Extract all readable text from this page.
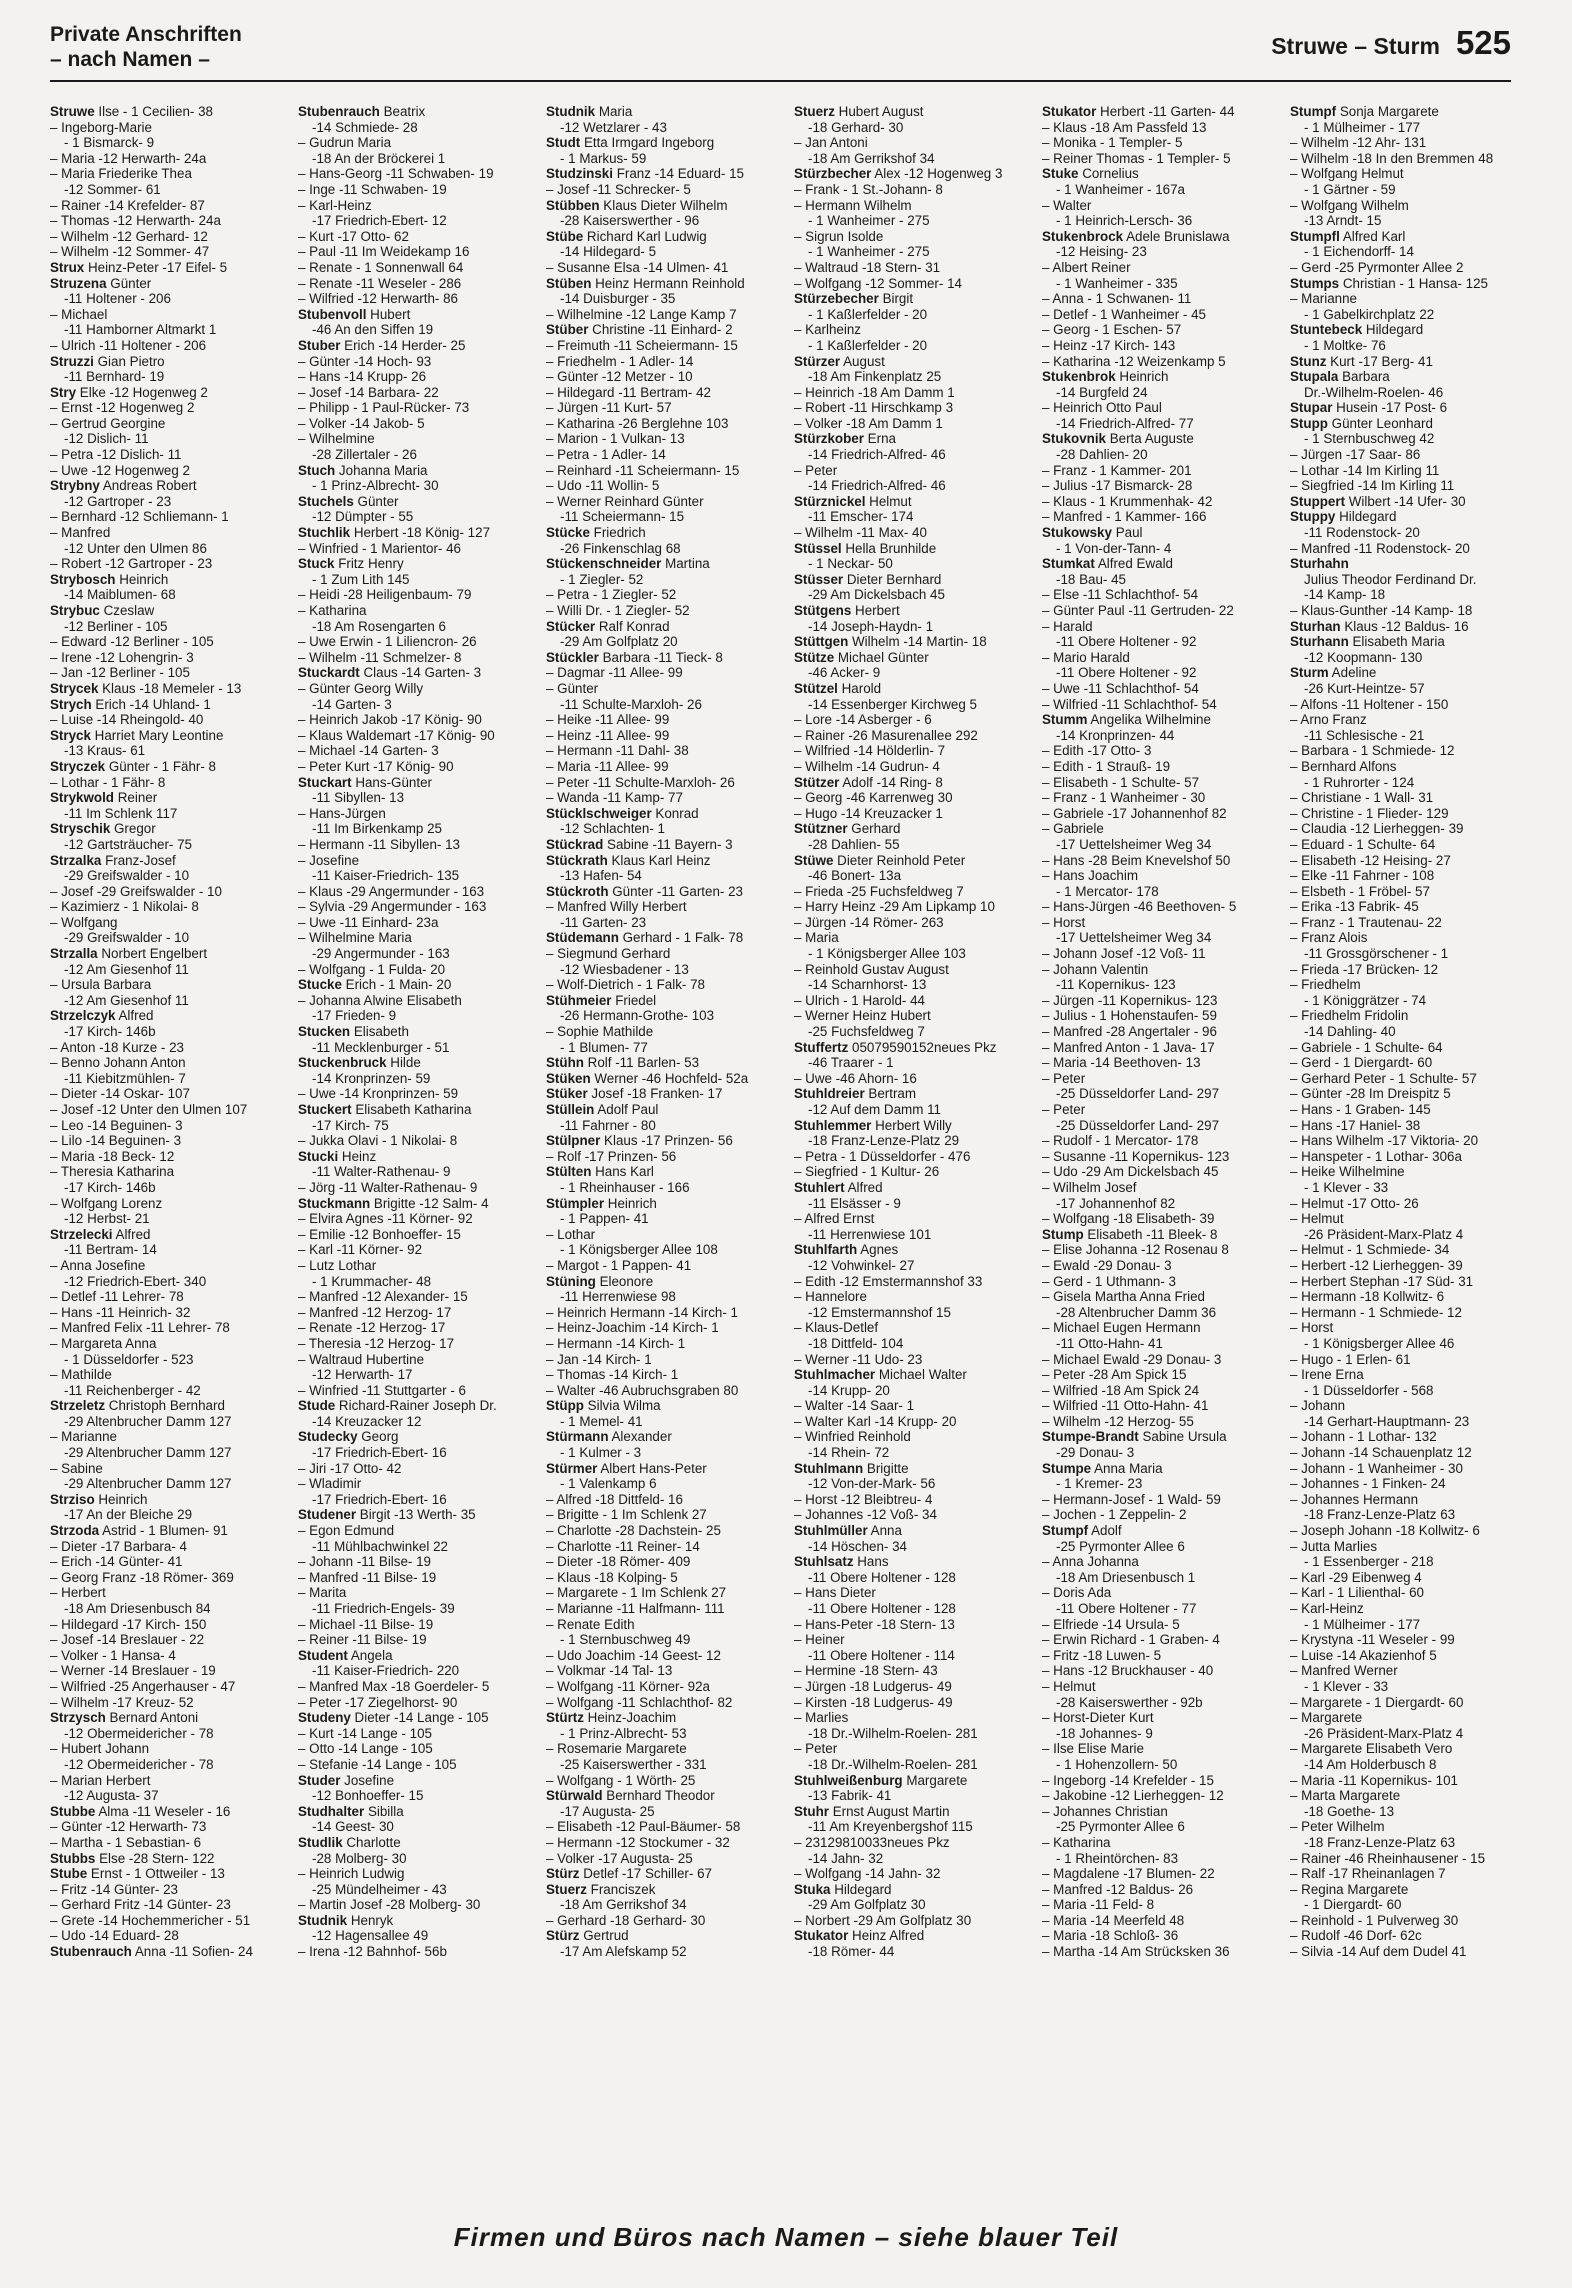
Private Anschriften
– nach Namen –
Struwe – Sturm 525
Struwe Ilse - 1 Cecilien- 38
– Ingeborg-Marie
- 1 Bismarck- 9
– Maria -12 Herwarth- 24a
– Maria Friederike Thea
-12 Sommer- 61
– Rainer -14 Krefelder- 87
– Thomas -12 Herwarth- 24a
– Wilhelm -12 Gerhard- 12
– Wilhelm -12 Sommer- 47
Strux Heinz-Peter -17 Eifel- 5
Struzena Günter
-11 Holtener - 206
– Michael
-11 Hamborner Altmarkt 1
– Ulrich -11 Holtener - 206
Struzzi Gian Pietro
-11 Bernhard- 19
Stry Elke -12 Hogenweg 2
– Ernst -12 Hogenweg 2
– Gertrud Georgine
-12 Dislich- 11
– Petra -12 Dislich- 11
– Uwe -12 Hogenweg 2
Strybny Andreas Robert
-12 Gartroper - 23
– Bernhard -12 Schliemann- 1
– Manfred
-12 Unter den Ulmen 86
– Robert -12 Gartroper - 23
Strybosch Heinrich
-14 Maiblumen- 68
Strybuc Czeslaw
-12 Berliner - 105
– Edward -12 Berliner - 105
– Irene -12 Lohengrin- 3
– Jan -12 Berliner - 105
Strycek Klaus -18 Memeler - 13
Strych Erich -14 Uhland- 1
– Luise -14 Rheingold- 40
Stryck Harriet Mary Leontine
-13 Kraus- 61
Stryczek Günter - 1 Fähr- 8
– Lothar - 1 Fähr- 8
Strykwold Reiner
-11 Im Schlenk 117
Stryschik Gregor
-12 Gartsträucher- 75
Strzalka Franz-Josef
-29 Greifswalder - 10
– Josef -29 Greifswalder - 10
– Kazimierz - 1 Nikolai- 8
– Wolfgang
-29 Greifswalder - 10
Strzalla Norbert Engelbert
-12 Am Giesenhof 11
– Ursula Barbara
-12 Am Giesenhof 11
Strzelczyk Alfred
-17 Kirch- 146b
– Anton -18 Kurze - 23
– Benno Johann Anton
-11 Kiebitzmühlen- 7
– Dieter -14 Oskar- 107
– Josef -12 Unter den Ulmen 107
– Leo -14 Beguinen- 3
– Lilo -14 Beguinen- 3
– Maria -18 Beck- 12
– Theresia Katharina
-17 Kirch- 146b
– Wolfgang Lorenz
-12 Herbst- 21
Strzelecki Alfred
-11 Bertram- 14
– Anna Josefine
-12 Friedrich-Ebert- 340
– Detlef -11 Lehrer- 78
– Hans -11 Heinrich- 32
– Manfred Felix -11 Lehrer- 78
– Margareta Anna
- 1 Düsseldorfer - 523
– Mathilde
-11 Reichenberger - 42
Strzeletz Christoph Bernhard
-29 Altenbrucher Damm 127
– Marianne
-29 Altenbrucher Damm 127
– Sabine
-29 Altenbrucher Damm 127
Strziso Heinrich
-17 An der Bleiche 29
Strzoda Astrid - 1 Blumen- 91
– Dieter -17 Barbara- 4
– Erich -14 Günter- 41
– Georg Franz -18 Römer- 369
– Herbert
-18 Am Driesenbusch 84
– Hildegard -17 Kirch- 150
– Josef -14 Breslauer - 22
– Volker - 1 Hansa- 4
– Werner -14 Breslauer - 19
– Wilfried -25 Angerhauser - 47
– Wilhelm -17 Kreuz- 52
Strzysch Bernard Antoni
-12 Obermeidericher - 78
– Hubert Johann
-12 Obermeidericher - 78
– Marian Herbert
-12 Augusta- 37
Stubbe Alma -11 Weseler - 16
– Günter -12 Herwarth- 73
– Martha - 1 Sebastian- 6
Stubbs Else -28 Stern- 122
Stube Ernst - 1 Ottweiler - 13
– Fritz -14 Günter- 23
– Gerhard Fritz -14 Günter- 23
– Grete -14 Hochemmericher - 51
– Udo -14 Eduard- 28
Stubenrauch Anna -11 Sofien- 24
Stubenrauch Beatrix
-14 Schmiede- 28
– Gudrun Maria
-18 An der Bröckerei 1
– Hans-Georg -11 Schwaben- 19
– Inge -11 Schwaben- 19
– Karl-Heinz
-17 Friedrich-Ebert- 12
– Kurt -17 Otto- 62
– Paul -11 Im Weidekamp 16
– Renate - 1 Sonnenwall 64
– Renate -11 Weseler - 286
– Wilfried -12 Herwarth- 86
Stubenvoll Hubert
-46 An den Siffen 19
Stuber Erich -14 Herder- 25
– Günter -14 Hoch- 93
– Hans -14 Krupp- 26
– Josef -14 Barbara- 22
– Philipp - 1 Paul-Rücker- 73
– Volker -14 Jakob- 5
– Wilhelmine
-28 Zillertaler - 26
Stuch Johanna Maria
- 1 Prinz-Albrecht- 30
Stuchels Günter
-12 Dümpter - 55
Stuchlik Herbert -18 König- 127
– Winfried - 1 Marientor- 46
Stuck Fritz Henry
- 1 Zum Lith 145
– Heidi -28 Heiligenbaum- 79
– Katharina
-18 Am Rosengarten 6
– Uwe Erwin - 1 Liliencron- 26
– Wilhelm -11 Schmelzer- 8
Stuckardt Claus -14 Garten- 3
– Günter Georg Willy
-14 Garten- 3
– Heinrich Jakob -17 König- 90
– Klaus Waldemart -17 König- 90
– Michael -14 Garten- 3
– Peter Kurt -17 König- 90
Stuckart Hans-Günter
-11 Sibyllen- 13
– Hans-Jürgen
-11 Im Birkenkamp 25
– Hermann -11 Sibyllen- 13
– Josefine
-11 Kaiser-Friedrich- 135
– Klaus -29 Angermunder - 163
– Sylvia -29 Angermunder - 163
– Uwe -11 Einhard- 23a
– Wilhelmine Maria
-29 Angermunder - 163
– Wolfgang - 1 Fulda- 20
Stucke Erich - 1 Main- 20
– Johanna Alwine Elisabeth
-17 Frieden- 9
Stucken Elisabeth
-11 Mecklenburger - 51
Stuckenbruck Hilde
-14 Kronprinzen- 59
– Uwe -14 Kronprinzen- 59
Stuckert Elisabeth Katharina
-17 Kirch- 75
– Jukka Olavi - 1 Nikolai- 8
Stucki Heinz
-11 Walter-Rathenau- 9
– Jörg -11 Walter-Rathenau- 9
Stuckmann Brigitte -12 Salm- 4
– Elvira Agnes -11 Körner- 92
– Emilie -12 Bonhoeffer- 15
– Karl -11 Körner- 92
– Lutz Lothar
- 1 Krummacher- 48
– Manfred -12 Alexander- 15
– Manfred -12 Herzog- 17
– Renate -12 Herzog- 17
– Theresia -12 Herzog- 17
– Waltraud Hubertine
-12 Herwarth- 17
– Winfried -11 Stuttgarter - 6
Stude Richard-Rainer Joseph Dr.
-14 Kreuzacker 12
Studecky Georg
-17 Friedrich-Ebert- 16
– Jiri -17 Otto- 42
– Wladimir
-17 Friedrich-Ebert- 16
Studener Birgit -13 Werth- 35
– Egon Edmund
-11 Mühlbachwinkel 22
– Johann -11 Bilse- 19
– Manfred -11 Bilse- 19
– Marita
-11 Friedrich-Engels- 39
– Michael -11 Bilse- 19
– Reiner -11 Bilse- 19
Student Angela
-11 Kaiser-Friedrich- 220
– Manfred Max -18 Goerdeler- 5
– Peter -17 Ziegelhorst- 90
Studeny Dieter -14 Lange - 105
– Kurt -14 Lange - 105
– Otto -14 Lange - 105
– Stefanie -14 Lange - 105
Studer Josefine
-12 Bonhoeffer- 15
Studhalter Sibilla
-14 Geest- 30
Studlik Charlotte
-28 Molberg- 30
– Heinrich Ludwig
-25 Mündelheimer - 43
– Martin Josef -28 Molberg- 30
Studnik Henryk
-12 Hagensallee 49
– Irena -12 Bahnhof- 56b
Studnik Maria
-12 Wetzlarer - 43
Studt Etta Irmgard Ingeborg
- 1 Markus- 59
Studzinski Franz -14 Eduard- 15
– Josef -11 Schrecker- 5
Stübben Klaus Dieter Wilhelm
-28 Kaiserswerther - 96
Stübe Richard Karl Ludwig
-14 Hildegard- 5
– Susanne Elsa -14 Ulmen- 41
Stüben Heinz Hermann Reinhold
-14 Duisburger - 35
– Wilhelmine -12 Lange Kamp 7
Stüber Christine -11 Einhard- 2
– Freimuth -11 Scheiermann- 15
– Friedhelm - 1 Adler- 14
– Günter -12 Metzer - 10
– Hildegard -11 Bertram- 42
– Jürgen -11 Kurt- 57
– Katharina -26 Berglehne 103
– Marion - 1 Vulkan- 13
– Petra - 1 Adler- 14
– Reinhard -11 Scheiermann- 15
– Udo -11 Wollin- 5
– Werner Reinhard Günter
-11 Scheiermann- 15
Stücke Friedrich
-26 Finkenschlag 68
Stückenschneider Martina
- 1 Ziegler- 52
– Petra - 1 Ziegler- 52
– Willi Dr. - 1 Ziegler- 52
Stücker Ralf Konrad
-29 Am Golfplatz 20
Stückler Barbara -11 Tieck- 8
– Dagmar -11 Allee- 99
– Günter
-11 Schulte-Marxloh- 26
– Heike -11 Allee- 99
– Heinz -11 Allee- 99
– Hermann -11 Dahl- 38
– Maria -11 Allee- 99
– Peter -11 Schulte-Marxloh- 26
– Wanda -11 Kamp- 77
Stücklschweiger Konrad
-12 Schlachten- 1
Stückrad Sabine -11 Bayern- 3
Stückrath Klaus Karl Heinz
-13 Hafen- 54
Stückroth Günter -11 Garten- 23
– Manfred Willy Herbert
-11 Garten- 23
Stüdemann Gerhard - 1 Falk- 78
– Siegmund Gerhard
-12 Wiesbadener - 13
– Wolf-Dietrich - 1 Falk- 78
Stühmeier Friedel
-26 Hermann-Grothe- 103
– Sophie Mathilde
- 1 Blumen- 77
Stühn Rolf -11 Barlen- 53
Stüken Werner -46 Hochfeld- 52a
Stüker Josef -18 Franken- 17
Stüllein Adolf Paul
-11 Fahrner - 80
Stülpner Klaus -17 Prinzen- 56
– Rolf -17 Prinzen- 56
Stülten Hans Karl
- 1 Rheinhauser - 166
Stümpler Heinrich
- 1 Pappen- 41
– Lothar
- 1 Königsberger Allee 108
– Margot - 1 Pappen- 41
Stüning Eleonore
-11 Herrenwiese 98
– Heinrich Hermann -14 Kirch- 1
– Heinz-Joachim -14 Kirch- 1
– Hermann -14 Kirch- 1
– Jan -14 Kirch- 1
– Thomas -14 Kirch- 1
– Walter -46 Aubruchsgraben 80
Stüpp Silvia Wilma
- 1 Memel- 41
Stürmann Alexander
- 1 Kulmer - 3
Stürmer Albert Hans-Peter
- 1 Valenkamp 6
– Alfred -18 Dittfeld- 16
– Brigitte - 1 Im Schlenk 27
– Charlotte -28 Dachstein- 25
– Charlotte -11 Reiner- 14
– Dieter -18 Römer- 409
– Klaus -18 Kolping- 5
– Margarete - 1 Im Schlenk 27
– Marianne -11 Halfmann- 111
– Renate Edith
- 1 Sternbuschweg 49
– Udo Joachim -14 Geest- 12
– Volkmar -14 Tal- 13
– Wolfgang -11 Körner- 92a
– Wolfgang -11 Schlachthof- 82
Stürtz Heinz-Joachim
- 1 Prinz-Albrecht- 53
– Rosemarie Margarete
-25 Kaiserswerther - 331
– Wolfgang - 1 Wörth- 25
Stürwald Bernhard Theodor
-17 Augusta- 25
– Elisabeth -12 Paul-Bäumer- 58
– Hermann -12 Stockumer - 32
– Volker -17 Augusta- 25
Stürz Detlef -17 Schiller- 67
Stuerz Franciszek
-18 Am Gerrikshof 34
– Gerhard -18 Gerhard- 30
Stürz Gertrud
-17 Am Alefskamp 52
Stuerz Hubert August
-18 Gerhard- 30
– Jan Antoni
-18 Am Gerrikshof 34
Stürzbecher Alex -12 Hogenweg 3
– Frank - 1 St.-Johann- 8
– Hermann Wilhelm
- 1 Wanheimer - 275
– Sigrun Isolde
- 1 Wanheimer - 275
– Waltraud -18 Stern- 31
– Wolfgang -12 Sommer- 14
Stürzebecher Birgit
- 1 Kaßlerfelder - 20
– Karlheinz
- 1 Kaßlerfelder - 20
Stürzer August
-18 Am Finkenplatz 25
– Heinrich -18 Am Damm 1
– Robert -11 Hirschkamp 3
– Volker -18 Am Damm 1
Stürzkober Erna
-14 Friedrich-Alfred- 46
– Peter
-14 Friedrich-Alfred- 46
Stürznickel Helmut
-11 Emscher- 174
– Wilhelm -11 Max- 40
Stüssel Hella Brunhilde
- 1 Neckar- 50
Stüsser Dieter Bernhard
-29 Am Dickelsbach 45
Stütgens Herbert
-14 Joseph-Haydn- 1
Stüttgen Wilhelm -14 Martin- 18
Stütze Michael Günter
-46 Acker- 9
Stützel Harold
-14 Essenberger Kirchweg 5
– Lore -14 Asberger - 6
– Rainer -26 Masurenallee 292
– Wilfried -14 Hölderlin- 7
– Wilhelm -14 Gudrun- 4
Stützer Adolf -14 Ring- 8
– Georg -46 Karrenweg 30
– Hugo -14 Kreuzacker 1
Stützner Gerhard
-28 Dahlien- 55
Stüwe Dieter Reinhold Peter
-46 Bonert- 13a
– Frieda -25 Fuchsfeldweg 7
– Harry Heinz -29 Am Lipkamp 10
– Jürgen -14 Römer- 263
– Maria
- 1 Königsberger Allee 103
– Reinhold Gustav August
-14 Scharnhorst- 13
– Ulrich - 1 Harold- 44
– Werner Heinz Hubert
-25 Fuchsfeldweg 7
Stuffertz 05079590152neues Pkz
-46 Traarer - 1
– Uwe -46 Ahorn- 16
Stuhldreier Bertram
-12 Auf dem Damm 11
Stuhlemmer Herbert Willy
-18 Franz-Lenze-Platz 29
– Petra - 1 Düsseldorfer - 476
– Siegfried - 1 Kultur- 26
Stuhlert Alfred
-11 Elsässer - 9
– Alfred Ernst
-11 Herrenwiese 101
Stuhlfarth Agnes
-12 Vohwinkel- 27
– Edith -12 Emstermannshof 33
– Hannelore
-12 Emstermannshof 15
– Klaus-Detlef
-18 Dittfeld- 104
– Werner -11 Udo- 23
Stuhlmacher Michael Walter
-14 Krupp- 20
– Walter -14 Saar- 1
– Walter Karl -14 Krupp- 20
– Winfried Reinhold
-14 Rhein- 72
Stuhlmann Brigitte
-12 Von-der-Mark- 56
– Horst -12 Bleibtreu- 4
– Johannes -12 Voß- 34
Stuhlmüller Anna
-14 Höschen- 34
Stuhlsatz Hans
-11 Obere Holtener - 128
– Hans Dieter
-11 Obere Holtener - 128
– Hans-Peter -18 Stern- 13
– Heiner
-11 Obere Holtener - 114
– Hermine -18 Stern- 43
– Jürgen -18 Ludgerus- 49
– Kirsten -18 Ludgerus- 49
– Marlies
-18 Dr.-Wilhelm-Roelen- 281
– Peter
-18 Dr.-Wilhelm-Roelen- 281
Stuhlweißenburg Margarete
-13 Fabrik- 41
Stuhr Ernst August Martin
-11 Am Kreyenbergshof 115
– 23129810033neues Pkz
-14 Jahn- 32
– Wolfgang -14 Jahn- 32
Stuka Hildegard
-29 Am Golfplatz 30
– Norbert -29 Am Golfplatz 30
Stukator Heinz Alfred
-18 Römer- 44
Stukator Herbert -11 Garten- 44
– Klaus -18 Am Passfeld 13
– Monika - 1 Templer- 5
– Reiner Thomas - 1 Templer- 5
Stuke Cornelius
- 1 Wanheimer - 167a
– Walter
- 1 Heinrich-Lersch- 36
Stukenbrock Adele Brunislawa
-12 Heising- 23
– Albert Reiner
- 1 Wanheimer - 335
– Anna - 1 Schwanen- 11
– Detlef - 1 Wanheimer - 45
– Georg - 1 Eschen- 57
– Heinz -17 Kirch- 143
– Katharina -12 Weizenkamp 5
Stukenbrok Heinrich
-14 Burgfeld 24
– Heinrich Otto Paul
-14 Friedrich-Alfred- 77
Stukovnik Berta Auguste
-28 Dahlien- 20
– Franz - 1 Kammer- 201
– Julius -17 Bismarck- 28
– Klaus - 1 Krummenhak- 42
– Manfred - 1 Kammer- 166
Stukowsky Paul
- 1 Von-der-Tann- 4
Stumkat Alfred Ewald
-18 Bau- 45
– Else -11 Schlachthof- 54
– Günter Paul -11 Gertruden- 22
– Harald
-11 Obere Holtener - 92
– Mario Harald
-11 Obere Holtener - 92
– Uwe -11 Schlachthof- 54
– Wilfried -11 Schlachthof- 54
Stumm Angelika Wilhelmine
-14 Kronprinzen- 44
– Edith -17 Otto- 3
– Edith - 1 Strauß- 19
– Elisabeth - 1 Schulte- 57
– Franz - 1 Wanheimer - 30
– Gabriele -17 Johannenhof 82
– Gabriele
-17 Uettelsheimer Weg 34
– Hans -28 Beim Knevelshof 50
– Hans Joachim
- 1 Mercator- 178
– Hans-Jürgen -46 Beethoven- 5
– Horst
-17 Uettelsheimer Weg 34
– Johann Josef -12 Voß- 11
– Johann Valentin
-11 Kopernikus- 123
– Jürgen -11 Kopernikus- 123
– Julius - 1 Hohenstaufen- 59
– Manfred -28 Angertaler - 96
– Manfred Anton - 1 Java- 17
– Maria -14 Beethoven- 13
– Peter
-25 Düsseldorfer Land- 297
– Peter
-25 Düsseldorfer Land- 297
– Rudolf - 1 Mercator- 178
– Susanne -11 Kopernikus- 123
– Udo -29 Am Dickelsbach 45
– Wilhelm Josef
-17 Johannenhof 82
– Wolfgang -18 Elisabeth- 39
Stump Elisabeth -11 Bleek- 8
– Elise Johanna -12 Rosenau 8
– Ewald -29 Donau- 3
– Gerd - 1 Uthmann- 3
– Gisela Martha Anna Fried
-28 Altenbrucher Damm 36
– Michael Eugen Hermann
-11 Otto-Hahn- 41
– Michael Ewald -29 Donau- 3
– Peter -28 Am Spick 15
– Wilfried -18 Am Spick 24
– Wilfried -11 Otto-Hahn- 41
– Wilhelm -12 Herzog- 55
Stumpe-Brandt Sabine Ursula
-29 Donau- 3
Stumpe Anna Maria
- 1 Kremer- 23
– Hermann-Josef - 1 Wald- 59
– Jochen - 1 Zeppelin- 2
Stumpf Adolf
-25 Pyrmonter Allee 6
– Anna Johanna
-18 Am Driesenbusch 1
– Doris Ada
-11 Obere Holtener - 77
– Elfriede -14 Ursula- 5
– Erwin Richard - 1 Graben- 4
– Fritz -18 Luwen- 5
– Hans -12 Bruckhauser - 40
– Helmut
-28 Kaiserswerther - 92b
– Horst-Dieter Kurt
-18 Johannes- 9
– Ilse Elise Marie
- 1 Hohenzollern- 50
– Ingeborg -14 Krefelder - 15
– Jakobine -12 Lierheggen- 12
– Johannes Christian
-25 Pyrmonter Allee 6
– Katharina
- 1 Rheintörchen- 83
– Magdalene -17 Blumen- 22
– Manfred -12 Baldus- 26
– Maria -11 Feld- 8
– Maria -14 Meerfeld 48
– Maria -18 Schloß- 36
– Martha -14 Am Strücksken 36
Stumpf Sonja Margarete
- 1 Mülheimer - 177
– Wilhelm -12 Ahr- 131
– Wilhelm -18 In den Bremmen 48
– Wolfgang Helmut
- 1 Gärtner - 59
– Wolfgang Wilhelm
-13 Arndt- 15
Stumpfl Alfred Karl
- 1 Eichendorff- 14
– Gerd -25 Pyrmonter Allee 2
Stumps Christian - 1 Hansa- 125
– Marianne
- 1 Gabelkirchplatz 22
Stuntebeck Hildegard
- 1 Moltke- 76
Stunz Kurt -17 Berg- 41
Stupala Barbara
Dr.-Wilhelm-Roelen- 46
Stupar Husein -17 Post- 6
Stupp Günter Leonhard
- 1 Sternbuschweg 42
– Jürgen -17 Saar- 86
– Lothar -14 Im Kirling 11
– Siegfried -14 Im Kirling 11
Stuppert Wilbert -14 Ufer- 30
Stuppy Hildegard
-11 Rodenstock- 20
– Manfred -11 Rodenstock- 20
Sturhahn
Julius Theodor Ferdinand Dr.
-14 Kamp- 18
– Klaus-Gunther -14 Kamp- 18
Sturhan Klaus -12 Baldus- 16
Sturhann Elisabeth Maria
-12 Koopmann- 130
Sturm Adeline
-26 Kurt-Heintze- 57
– Alfons -11 Holtener - 150
– Arno Franz
-11 Schlesische - 21
– Barbara - 1 Schmiede- 12
– Bernhard Alfons
- 1 Ruhrorter - 124
– Christiane - 1 Wall- 31
– Christine - 1 Flieder- 129
– Claudia -12 Lierheggen- 39
– Eduard - 1 Schulte- 64
– Elisabeth -12 Heising- 27
– Elke -11 Fahrner - 108
– Elsbeth - 1 Fröbel- 57
– Erika -13 Fabrik- 45
– Franz - 1 Trautenau- 22
– Franz Alois
-11 Grossgörschener - 1
– Frieda -17 Brücken- 12
– Friedhelm
- 1 Königgrätzer - 74
– Friedhelm Fridolin
-14 Dahling- 40
– Gabriele - 1 Schulte- 64
– Gerd - 1 Diergardt- 60
– Gerhard Peter - 1 Schulte- 57
– Günter -28 Im Dreispitz 5
– Hans - 1 Graben- 145
– Hans -17 Haniel- 38
– Hans Wilhelm -17 Viktoria- 20
– Hanspeter - 1 Lothar- 306a
– Heike Wilhelmine
- 1 Klever - 33
– Helmut -17 Otto- 26
– Helmut
-26 Präsident-Marx-Platz 4
– Helmut - 1 Schmiede- 34
– Herbert -12 Lierheggen- 39
– Herbert Stephan -17 Süd- 31
– Hermann -18 Kollwitz- 6
– Hermann - 1 Schmiede- 12
– Horst
- 1 Königsberger Allee 46
– Hugo - 1 Erlen- 61
– Irene Erna
- 1 Düsseldorfer - 568
– Johann
-14 Gerhart-Hauptmann- 23
– Johann - 1 Lothar- 132
– Johann -14 Schauenplatz 12
– Johann - 1 Wanheimer - 30
– Johannes - 1 Finken- 24
– Johannes Hermann
-18 Franz-Lenze-Platz 63
– Joseph Johann -18 Kollwitz- 6
– Jutta Marlies
- 1 Essenberger - 218
– Karl -29 Eibenweg 4
– Karl - 1 Lilienthal- 60
– Karl-Heinz
- 1 Mülheimer - 177
– Krystyna -11 Weseler - 99
– Luise -14 Akazienhof 5
– Manfred Werner
- 1 Klever - 33
– Margarete - 1 Diergardt- 60
– Margarete
-26 Präsident-Marx-Platz 4
– Margarete Elisabeth Vero
-14 Am Holderbusch 8
– Maria -11 Kopernikus- 101
– Marta Margarete
-18 Goethe- 13
– Peter Wilhelm
-18 Franz-Lenze-Platz 63
– Rainer -46 Rheinhausener - 15
– Ralf -17 Rheinanlagen 7
– Regina Margarete
- 1 Diergardt- 60
– Reinhold - 1 Pulverweg 30
– Rudolf -46 Dorf- 62c
– Silvia -14 Auf dem Dudel 41
Firmen und Büros nach Namen – siehe blauer Teil
